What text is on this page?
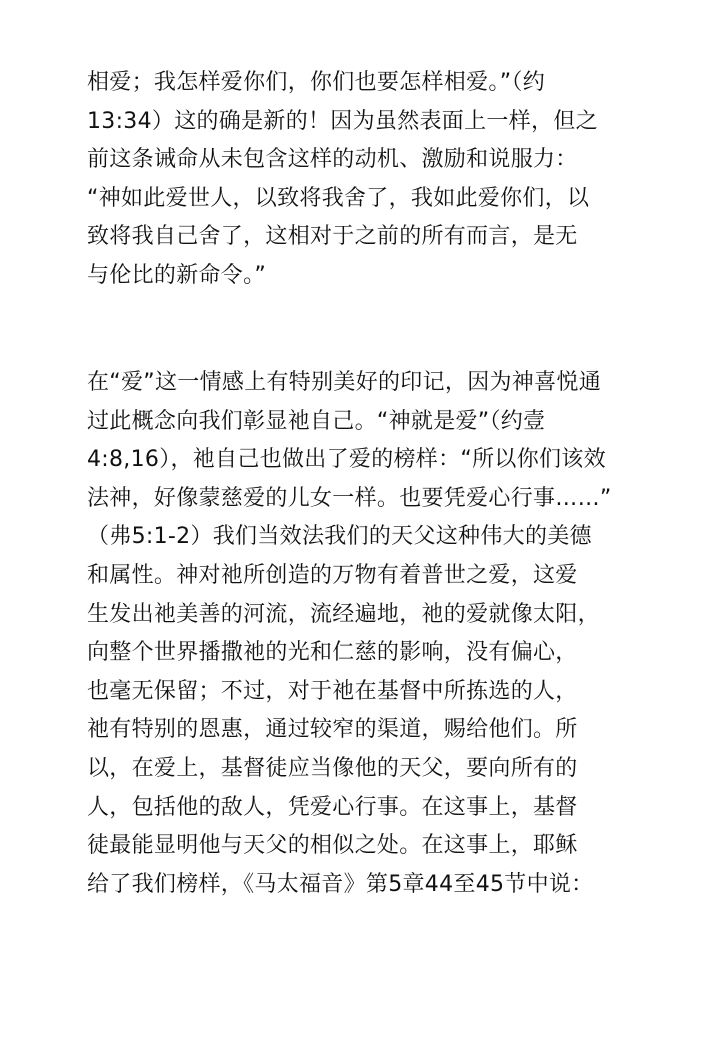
相爱；我怎样爱你们，你们也要怎样相爱。”（约
13:34）这的确是新的！因为虽然表面上一样，但之
前这条诫命从未包含这样的动机、激励和说服力：
“神如此爱世人，以致将我舍了，我如此爱你们，以
致将我自己舍了，这相对于之前的所有而言，是无
与伦比的新命令。”
在“爱”这一情感上有特别美好的印记，因为神喜悦通
过此概念向我们彰显祂自己。“神就是爱”（约壹
4:8,16），祂自己也做出了爱的榜样：“所以你们该效
法神，好像蒙慈爱的儿女一样。也要凭爱心行事……”
（弗5:1-2）我们当效法我们的天父这种伟大的美德
和属性。神对祂所创造的万物有着普世之爱，这爱
生发出祂美善的河流，流经遍地，祂的爱就像太阳，
向整个世界播撒祂的光和仁慈的影响，没有偏心，
也毫无保留；不过，对于祂在基督中所拣选的人，
祂有特别的恩惠，通过较窄的渠道，赐给他们。所
以，在爱上，基督徒应当像他的天父，要向所有的
人，包括他的敌人，凭爱心行事。在这事上，基督
徒最能显明他与天父的相似之处。在这事上，耶稣
给了我们榜样，《马太福音》第5章44至45节中说：
